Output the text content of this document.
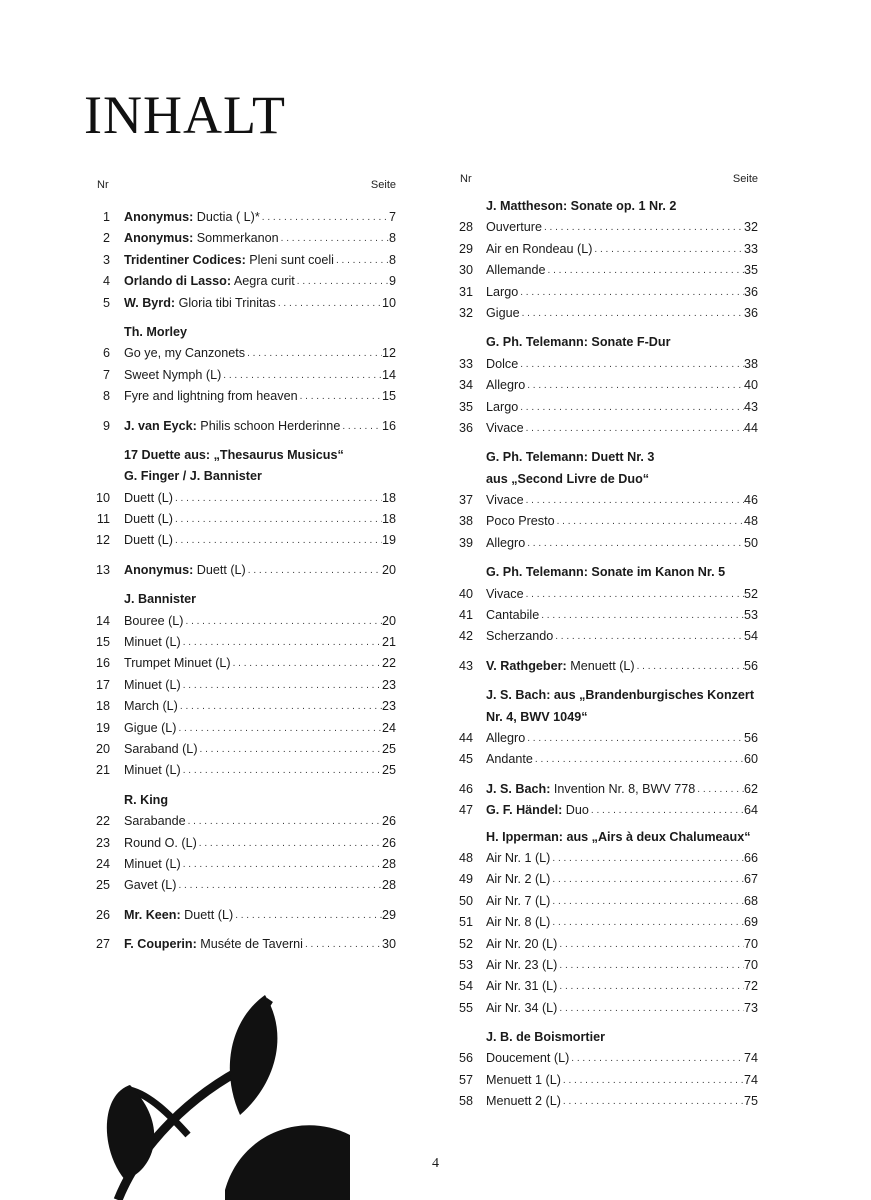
INHALT
Nr	Seite
1 Anonymus: Ductia ( L)* . . .	7
2 Anonymus: Sommerkanon . . .	8
3 Tridentiner Codices: Pleni sunt coeli . . .	8
4 Orlando di Lasso: Aegra curit . . .	9
5 W. Byrd: Gloria tibi Trinitas . . .	10
Th. Morley
6 Go ye, my Canzonets . . .	12
7 Sweet Nymph (L) . . .	14
8 Fyre and lightning from heaven . . .	15
9 J. van Eyck: Philis schoon Herderinne . . .	16
17 Duette aus: „Thesaurus Musicus“
G. Finger / J. Bannister
10 Duett (L) . . .	18
11 Duett (L) . . .	18
12 Duett (L) . . .	19
13 Anonymus: Duett (L) . . .	20
J. Bannister
14 Bouree (L) . . .	20
15 Minuet (L) . . .	21
16 Trumpet Minuet (L) . . .	22
17 Minuet (L) . . .	23
18 March (L) . . .	23
19 Gigue (L) . . .	24
20 Saraband (L) . . .	25
21 Minuet (L) . . .	25
R. King
22 Sarabande . . .	26
23 Round O. (L) . . .	26
24 Minuet (L) . . .	28
25 Gavet (L) . . .	28
26 Mr. Keen: Duett (L) . . .	29
27 F. Couperin: Muséte de Taverni . . .	30
Nr	Seite
J. Mattheson: Sonate op. 1 Nr. 2
28 Ouverture . . .	32
29 Air en Rondeau (L) . . .	33
30 Allemande . . .	35
31 Largo . . .	36
32 Gigue . . .	36
G. Ph. Telemann: Sonate F-Dur
33 Dolce . . .	38
34 Allegro . . .	40
35 Largo . . .	43
36 Vivace . . .	44
G. Ph. Telemann: Duett Nr. 3
aus „Second Livre de Duo“
37 Vivace . . .	46
38 Poco Presto . . .	48
39 Allegro . . .	50
G. Ph. Telemann: Sonate im Kanon Nr. 5
40 Vivace . . .	52
41 Cantabile . . .	53
42 Scherzando . . .	54
43 V. Rathgeber: Menuett (L) . . .	56
J. S. Bach: aus „Brandenburgisches Konzert
Nr. 4, BWV 1049“
44 Allegro . . .	56
45 Andante . . .	60
46 J. S. Bach: Invention Nr. 8, BWV 778 . . .	62
47 G. F. Händel: Duo . . .	64
H. Ipperman: aus „Airs à deux Chalumeaux“
48 Air Nr. 1 (L) . . .	66
49 Air Nr. 2 (L) . . .	67
50 Air Nr. 7 (L) . . .	68
51 Air Nr. 8 (L) . . .	69
52 Air Nr. 20 (L) . . .	70
53 Air Nr. 23 (L) . . .	70
54 Air Nr. 31 (L) . . .	72
55 Air Nr. 34 (L) . . .	73
J. B. de Boismortier
56 Doucement (L) . . .	74
57 Menuett 1 (L) . . .	74
58 Menuett 2 (L) . . .	75
4
